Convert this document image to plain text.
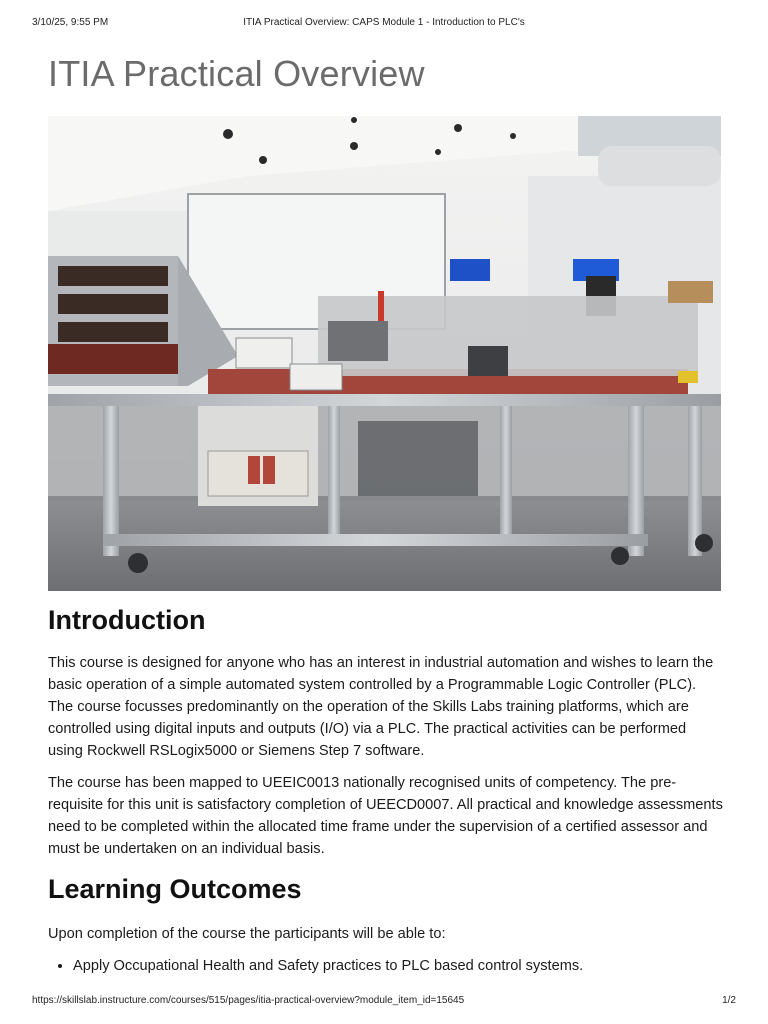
3/10/25, 9:55 PM	ITIA Practical Overview: CAPS Module 1 - Introduction to PLC's
ITIA Practical Overview
Introduction

This course is designed for anyone who has an interest in industrial automation and wishes to learn the basic operation of a simple automated system controlled by a Programmable Logic Controller (PLC). The course focusses predominantly on the operation of the Skills Labs training platforms, which are controlled using digital inputs and outputs (I/O) via a PLC. The practical activities can be performed using Rockwell RSLogix5000 or Siemens Step 7 software.

The course has been mapped to UEEIC0013 nationally recognised units of competency. The pre-requisite for this unit is satisfactory completion of UEECD0007. All practical and knowledge assessments need to be completed within the allocated time frame under the supervision of a certified assessor and must be undertaken on an individual basis.

Learning Outcomes

Upon completion of the course the participants will be able to:

• Apply Occupational Health and Safety practices to PLC based control systems.
https://skillslab.instructure.com/courses/515/pages/itia-practical-overview?module_item_id=15645	1/2
